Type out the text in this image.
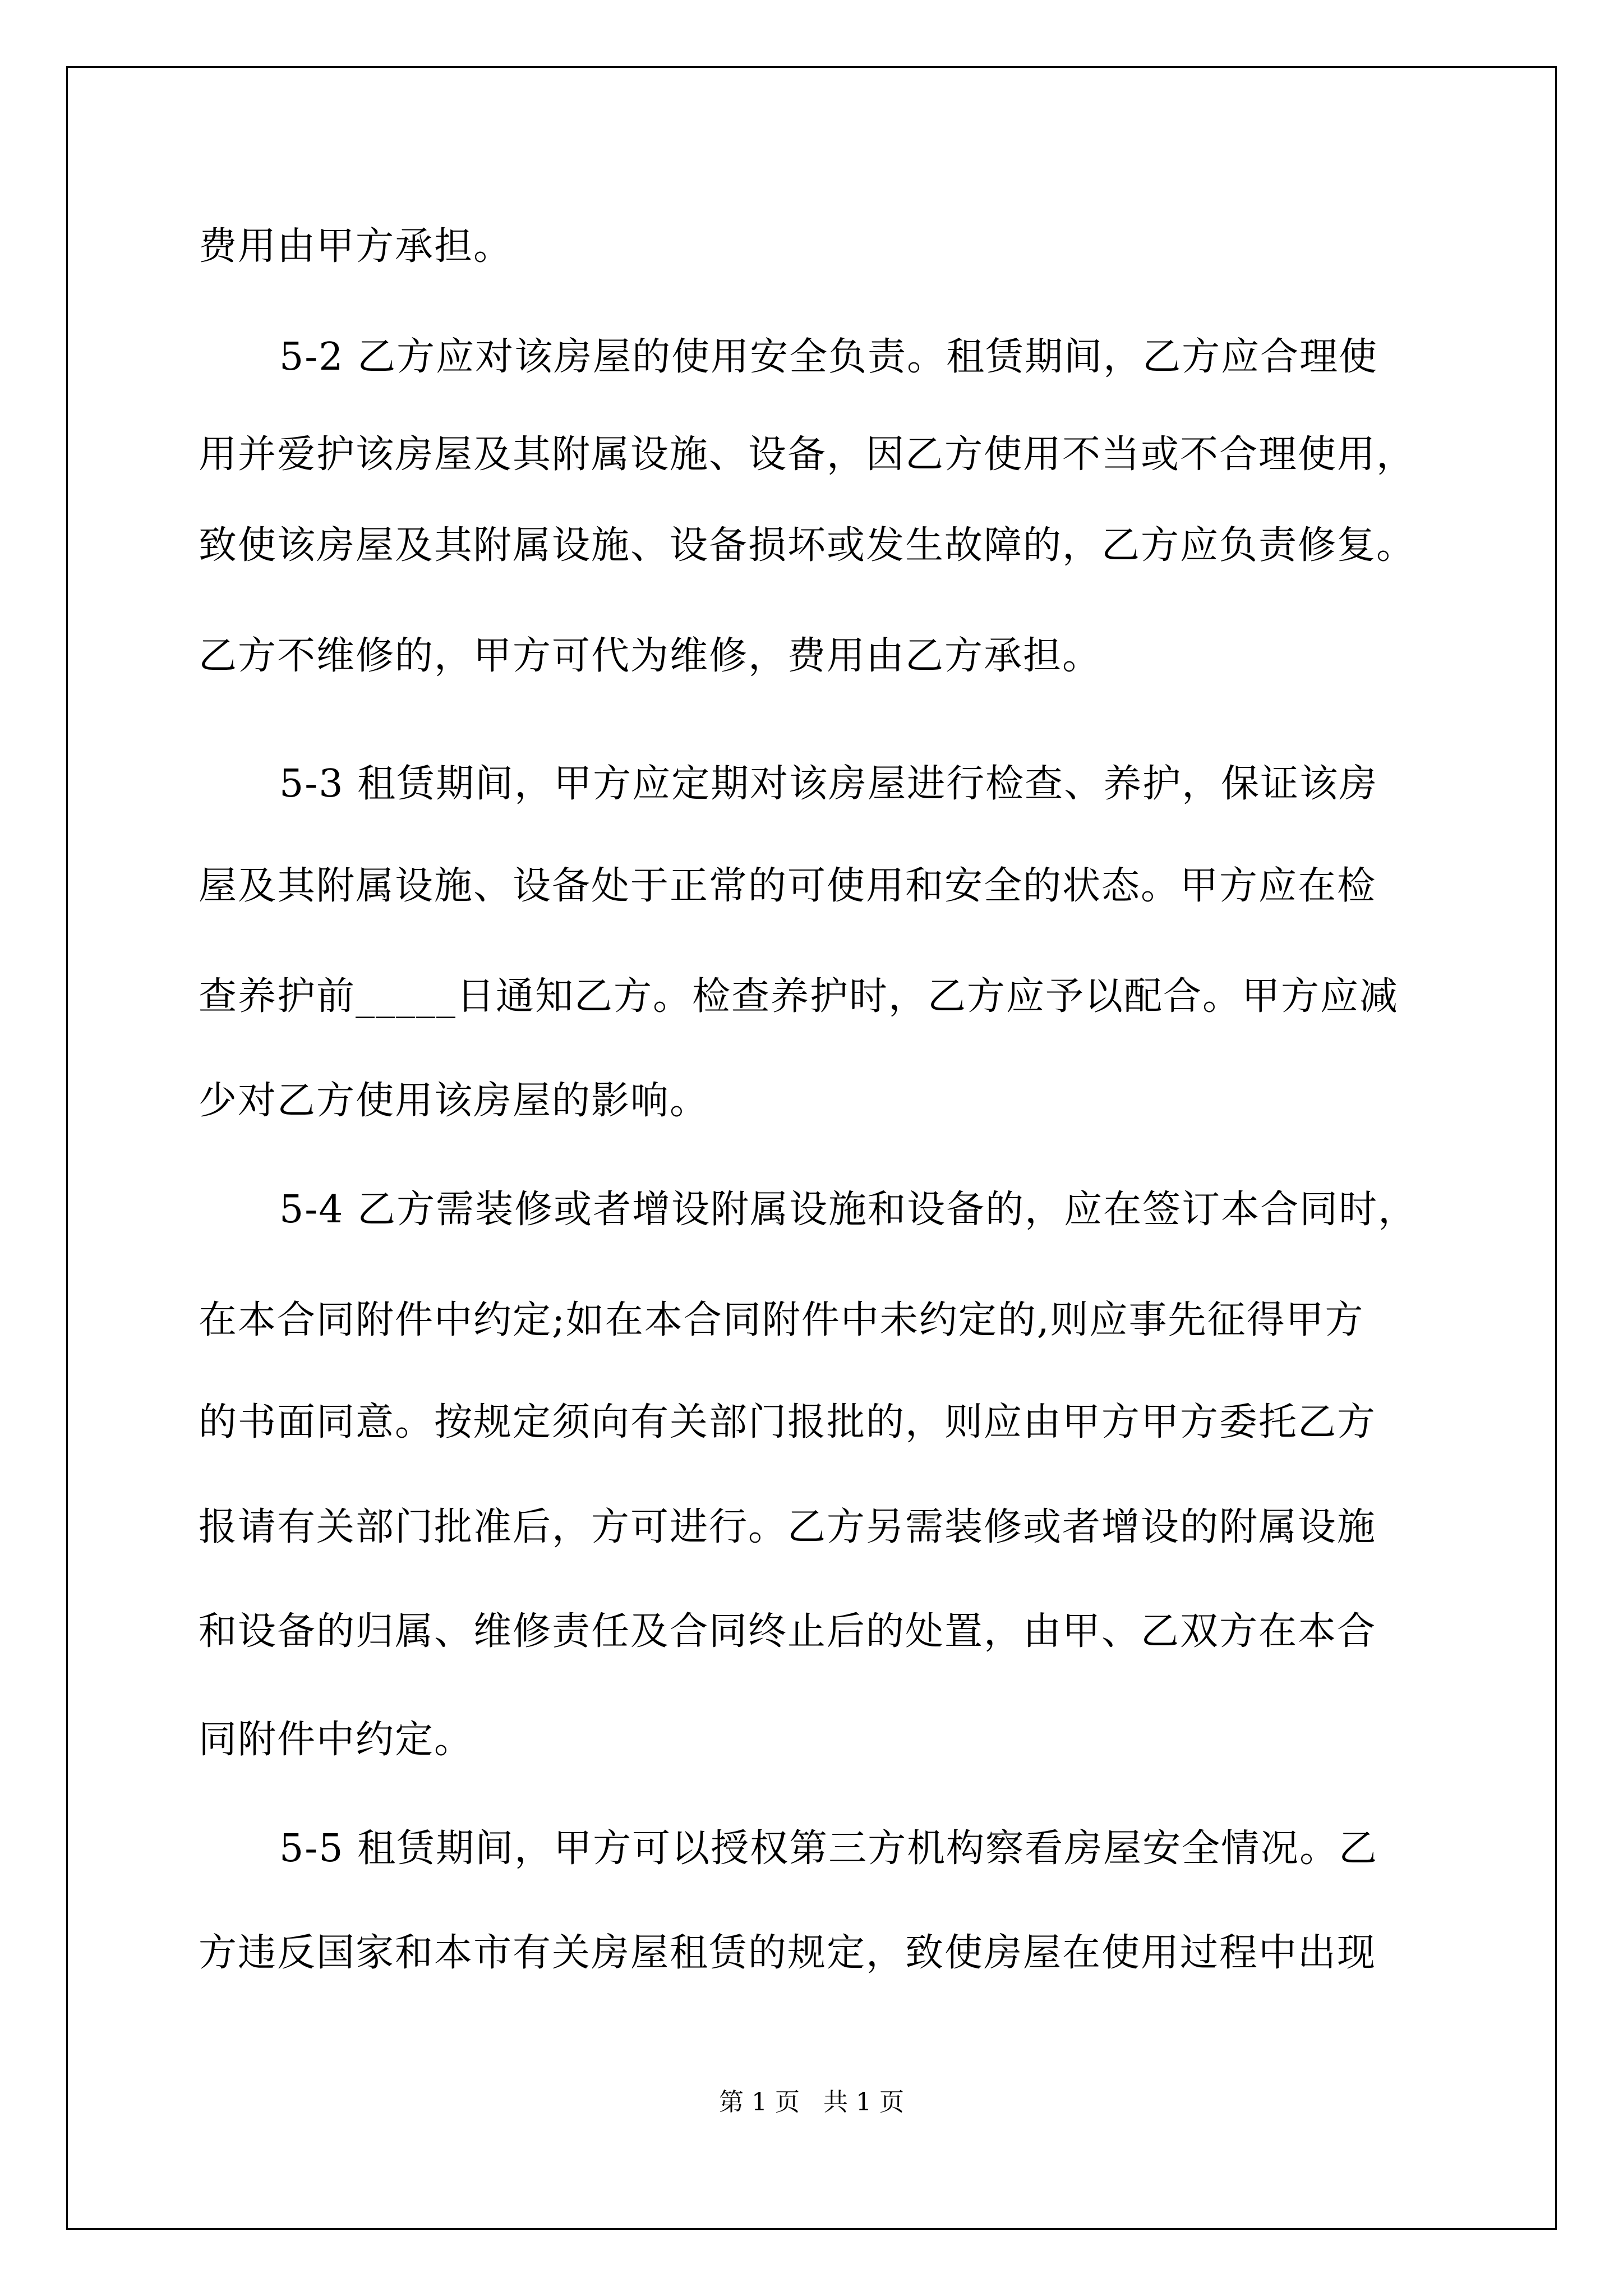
费用由甲方承担。
5-2 乙方应对该房屋的使用安全负责。租赁期间，乙方应合理使
用并爱护该房屋及其附属设施、设备，因乙方使用不当或不合理使用，
致使该房屋及其附属设施、设备损坏或发生故障的，乙方应负责修复。
乙方不维修的，甲方可代为维修，费用由乙方承担。
5-3 租赁期间，甲方应定期对该房屋进行检查、养护，保证该房
屋及其附属设施、设备处于正常的可使用和安全的状态。甲方应在检
查养护前_____日通知乙方。检查养护时，乙方应予以配合。甲方应减
少对乙方使用该房屋的影响。
5-4 乙方需装修或者增设附属设施和设备的，应在签订本合同时，
在本合同附件中约定;如在本合同附件中未约定的,则应事先征得甲方
的书面同意。按规定须向有关部门报批的，则应由甲方甲方委托乙方
报请有关部门批准后，方可进行。乙方另需装修或者增设的附属设施
和设备的归属、维修责任及合同终止后的处置，由甲、乙双方在本合
同附件中约定。
5-5 租赁期间，甲方可以授权第三方机构察看房屋安全情况。乙
方违反国家和本市有关房屋租赁的规定，致使房屋在使用过程中出现
第 1 页   共 1 页
